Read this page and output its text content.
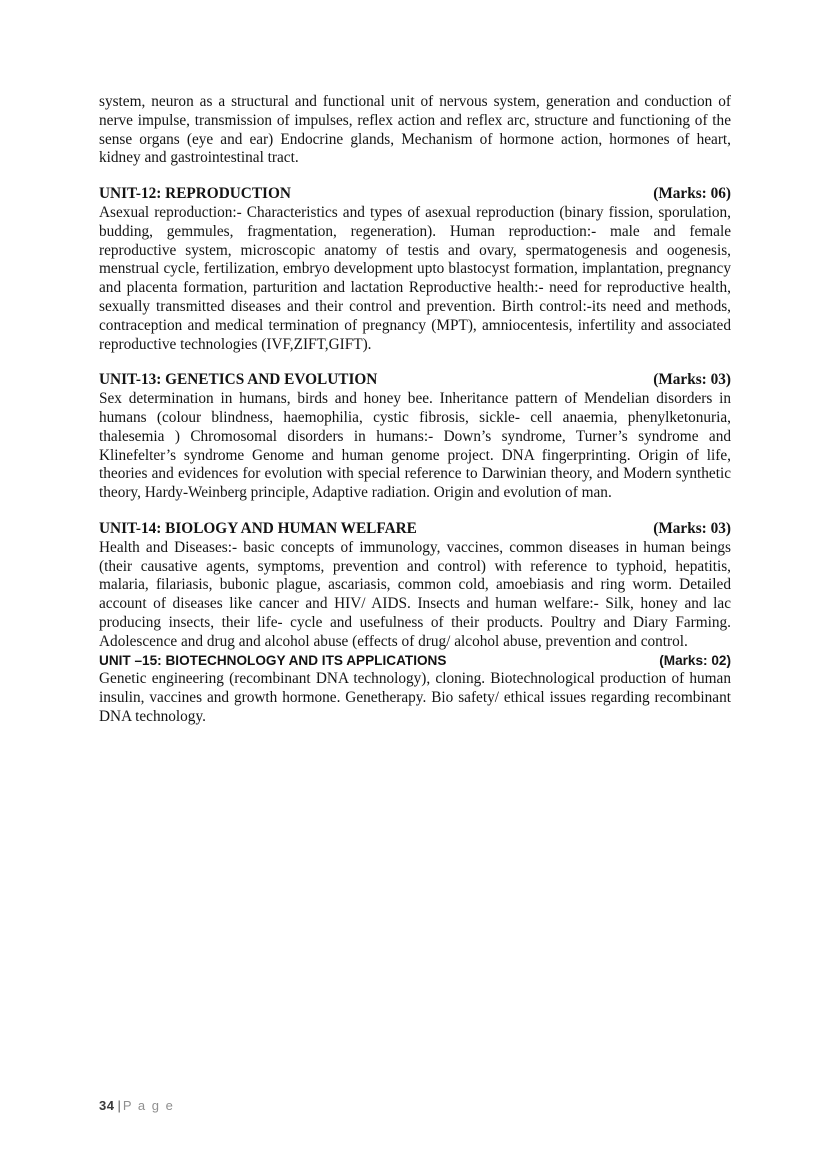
system, neuron as a structural and functional unit of nervous system, generation and conduction of nerve impulse, transmission of impulses, reflex action and reflex arc, structure and functioning of the sense organs (eye and ear) Endocrine glands, Mechanism of hormone action, hormones of heart, kidney and gastrointestinal tract.

UNIT-12: REPRODUCTION	(Marks: 06)

Asexual reproduction:- Characteristics and types of asexual reproduction (binary fission, sporulation, budding, gemmules, fragmentation, regeneration). Human reproduction:- male and female reproductive system, microscopic anatomy of testis and ovary, spermatogenesis and oogenesis, menstrual cycle, fertilization, embryo development upto blastocyst formation, implantation, pregnancy and placenta formation, parturition and lactation Reproductive health:- need for reproductive health, sexually transmitted diseases and their control and prevention. Birth control:-its need and methods, contraception and medical termination of pregnancy (MPT), amniocentesis, infertility and associated reproductive technologies (IVF,ZIFT,GIFT).

UNIT-13: GENETICS AND EVOLUTION	(Marks: 03)

Sex determination in humans, birds and honey bee. Inheritance pattern of Mendelian disorders in humans (colour blindness, haemophilia, cystic fibrosis, sickle- cell anaemia, phenylketonuria, thalesemia ) Chromosomal disorders in humans:- Down’s syndrome, Turner’s syndrome and Klinefelter’s syndrome Genome and human genome project. DNA fingerprinting. Origin of life, theories and evidences for evolution with special reference to Darwinian theory, and Modern synthetic theory, Hardy-Weinberg principle, Adaptive radiation. Origin and evolution of man.

UNIT-14: BIOLOGY AND HUMAN WELFARE	(Marks: 03)

Health and Diseases:- basic concepts of immunology, vaccines, common diseases in human beings (their causative agents, symptoms, prevention and control) with reference to typhoid, hepatitis, malaria, filariasis, bubonic plague, ascariasis, common cold, amoebiasis and ring worm. Detailed account of diseases like cancer and HIV/ AIDS. Insects and human welfare:- Silk, honey and lac producing insects, their life- cycle and usefulness of their products. Poultry and Diary Farming. Adolescence and drug and alcohol abuse (effects of drug/ alcohol abuse, prevention and control.

UNIT –15: BIOTECHNOLOGY AND ITS APPLICATIONS	(Marks: 02)

Genetic engineering (recombinant DNA technology), cloning. Biotechnological production of human insulin, vaccines and growth hormone. Genetherapy. Bio safety/ ethical issues regarding recombinant DNA technology.

34 | P a g e
